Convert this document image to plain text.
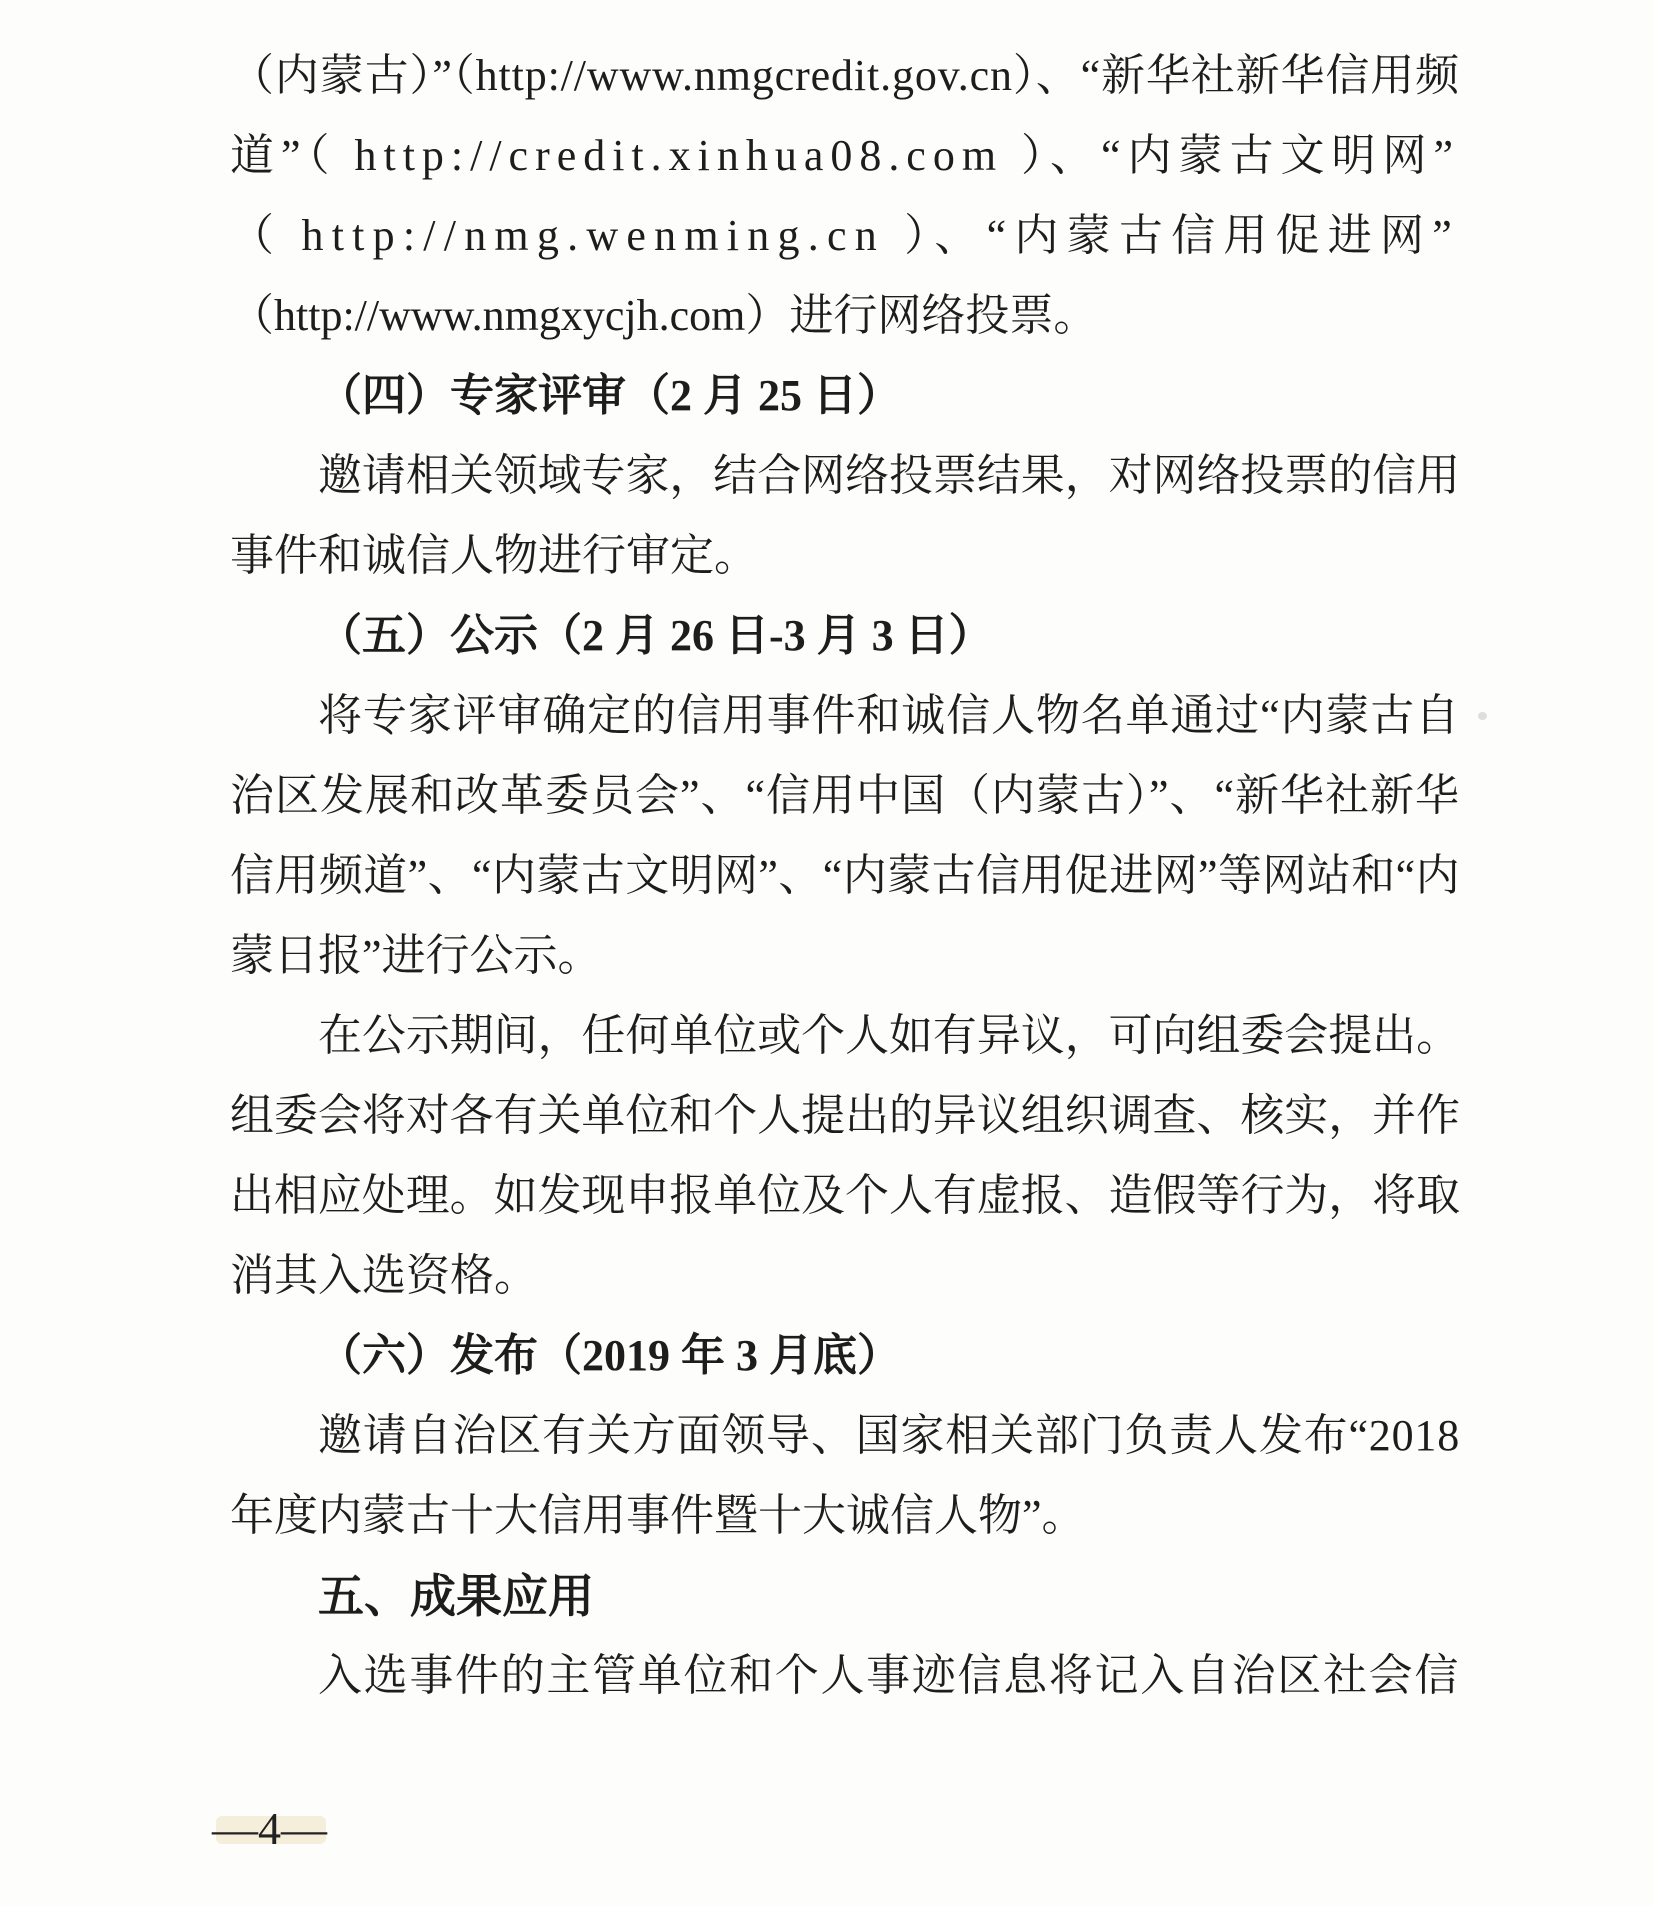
（内蒙古）”（http://www.nmgcredit.gov.cn）、“新华社新华信用频
道”（ http://credit.xinhua08.com ）、“内蒙古文明网”
（ http://nmg.wenming.cn ）、“内蒙古信用促进网”
（http://www.nmgxycjh.com）进行网络投票。
（四）专家评审（2 月 25 日）
邀请相关领域专家，结合网络投票结果，对网络投票的信用
事件和诚信人物进行审定。
（五）公示（2 月 26 日-3 月 3 日）
将专家评审确定的信用事件和诚信人物名单通过“内蒙古自
治区发展和改革委员会”、“信用中国（内蒙古）”、“新华社新华
信用频道”、“内蒙古文明网”、“内蒙古信用促进网”等网站和“内
蒙日报”进行公示。
在公示期间，任何单位或个人如有异议，可向组委会提出。
组委会将对各有关单位和个人提出的异议组织调查、核实，并作
出相应处理。如发现申报单位及个人有虚报、造假等行为，将取
消其入选资格。
（六）发布（2019 年 3 月底）
邀请自治区有关方面领导、国家相关部门负责人发布“2018
年度内蒙古十大信用事件暨十大诚信人物”。
五、成果应用
入选事件的主管单位和个人事迹信息将记入自治区社会信
—4—
